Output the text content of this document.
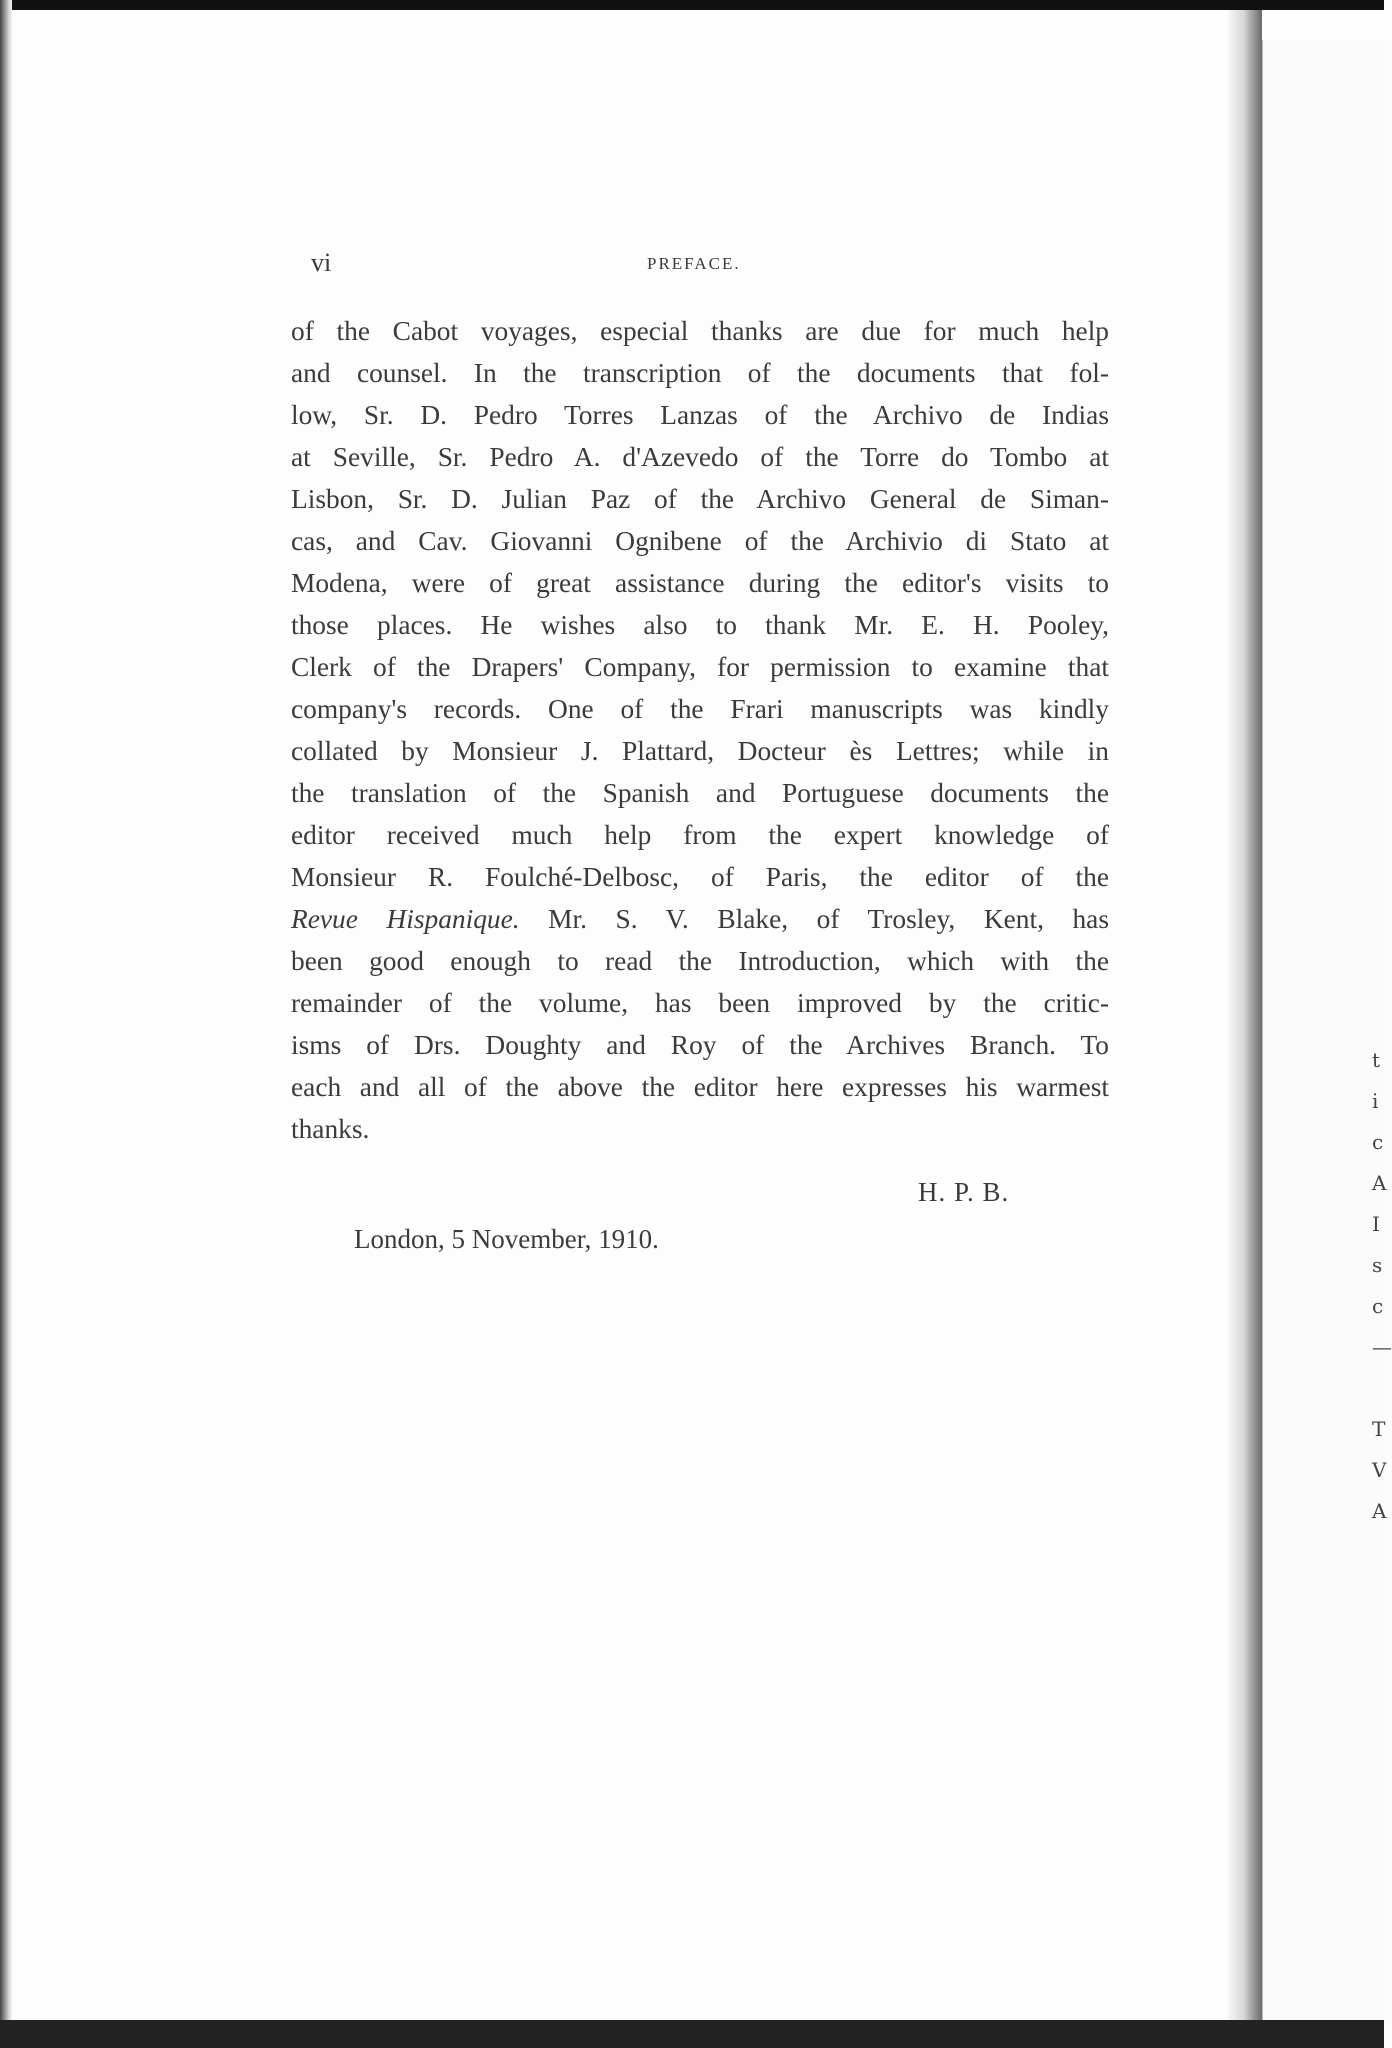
t
i
c
A
I
s
c
—

T
V
A
vi	PREFACE.

of the Cabot voyages, especial thanks are due for much help
and counsel. In the transcription of the documents that fol-
low, Sr. D. Pedro Torres Lanzas of the Archivo de Indias
at Seville, Sr. Pedro A. d'Azevedo of the Torre do Tombo at
Lisbon, Sr. D. Julian Paz of the Archivo General de Siman-
cas, and Cav. Giovanni Ognibene of the Archivio di Stato at
Modena, were of great assistance during the editor's visits to
those places. He wishes also to thank Mr. E. H. Pooley,
Clerk of the Drapers' Company, for permission to examine that
company's records. One of the Frari manuscripts was kindly
collated by Monsieur J. Plattard, Docteur ès Lettres; while in
the translation of the Spanish and Portuguese documents the
editor received much help from the expert knowledge of
Monsieur R. Foulché-Delbosc, of Paris, the editor of the
Revue Hispanique. Mr. S. V. Blake, of Trosley, Kent, has
been good enough to read the Introduction, which with the
remainder of the volume, has been improved by the critic-
isms of Drs. Doughty and Roy of the Archives Branch. To
each and all of the above the editor here expresses his warmest
thanks.

H. P. B.
London, 5 November, 1910.
